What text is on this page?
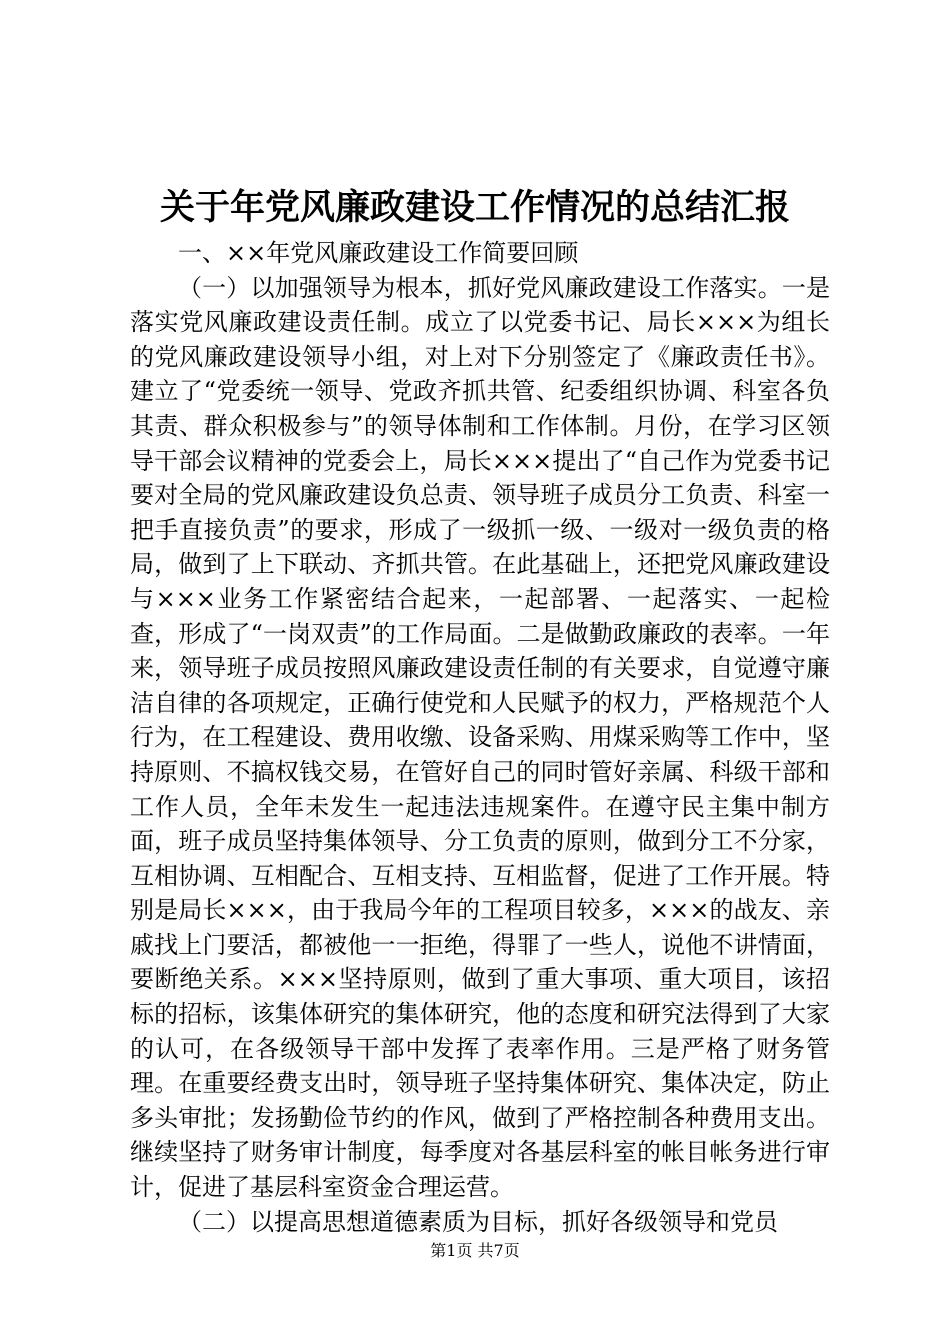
关于年党风廉政建设工作情况的总结汇报

一、××年党风廉政建设工作简要回顾

（一）以加强领导为根本，抓好党风廉政建设工作落实。一是落实党风廉政建设责任制。成立了以党委书记、局长×××为组长的党风廉政建设领导小组，对上对下分别签定了《廉政责任书》。建立了“党委统一领导、党政齐抓共管、纪委组织协调、科室各负其责、群众积极参与”的领导体制和工作体制。月份，在学习区领导干部会议精神的党委会上，局长×××提出了“自己作为党委书记要对全局的党风廉政建设负总责、领导班子成员分工负责、科室一把手直接负责”的要求，形成了一级抓一级、一级对一级负责的格局，做到了上下联动、齐抓共管。在此基础上，还把党风廉政建设与×××业务工作紧密结合起来，一起部署、一起落实、一起检查，形成了“一岗双责”的工作局面。二是做勤政廉政的表率。一年来，领导班子成员按照风廉政建设责任制的有关要求，自觉遵守廉洁自律的各项规定，正确行使党和人民赋予的权力，严格规范个人行为，在工程建设、费用收缴、设备采购、用煤采购等工作中，坚持原则、不搞权钱交易，在管好自己的同时管好亲属、科级干部和工作人员，全年未发生一起违法违规案件。在遵守民主集中制方面，班子成员坚持集体领导、分工负责的原则，做到分工不分家，互相协调、互相配合、互相支持、互相监督，促进了工作开展。特别是局长×××，由于我局今年的工程项目较多，×××的战友、亲戚找上门要活，都被他一一拒绝，得罪了一些人，说他不讲情面，要断绝关系。×××坚持原则，做到了重大事项、重大项目，该招标的招标，该集体研究的集体研究，他的态度和研究法得到了大家的认可，在各级领导干部中发挥了表率作用。三是严格了财务管理。在重要经费支出时，领导班子坚持集体研究、集体决定，防止多头审批；发扬勤俭节约的作风，做到了严格控制各种费用支出。继续坚持了财务审计制度，每季度对各基层科室的帐目帐务进行审计，促进了基层科室资金合理运营。

（二）以提高思想道德素质为目标，抓好各级领导和党员

第1页 共7页
